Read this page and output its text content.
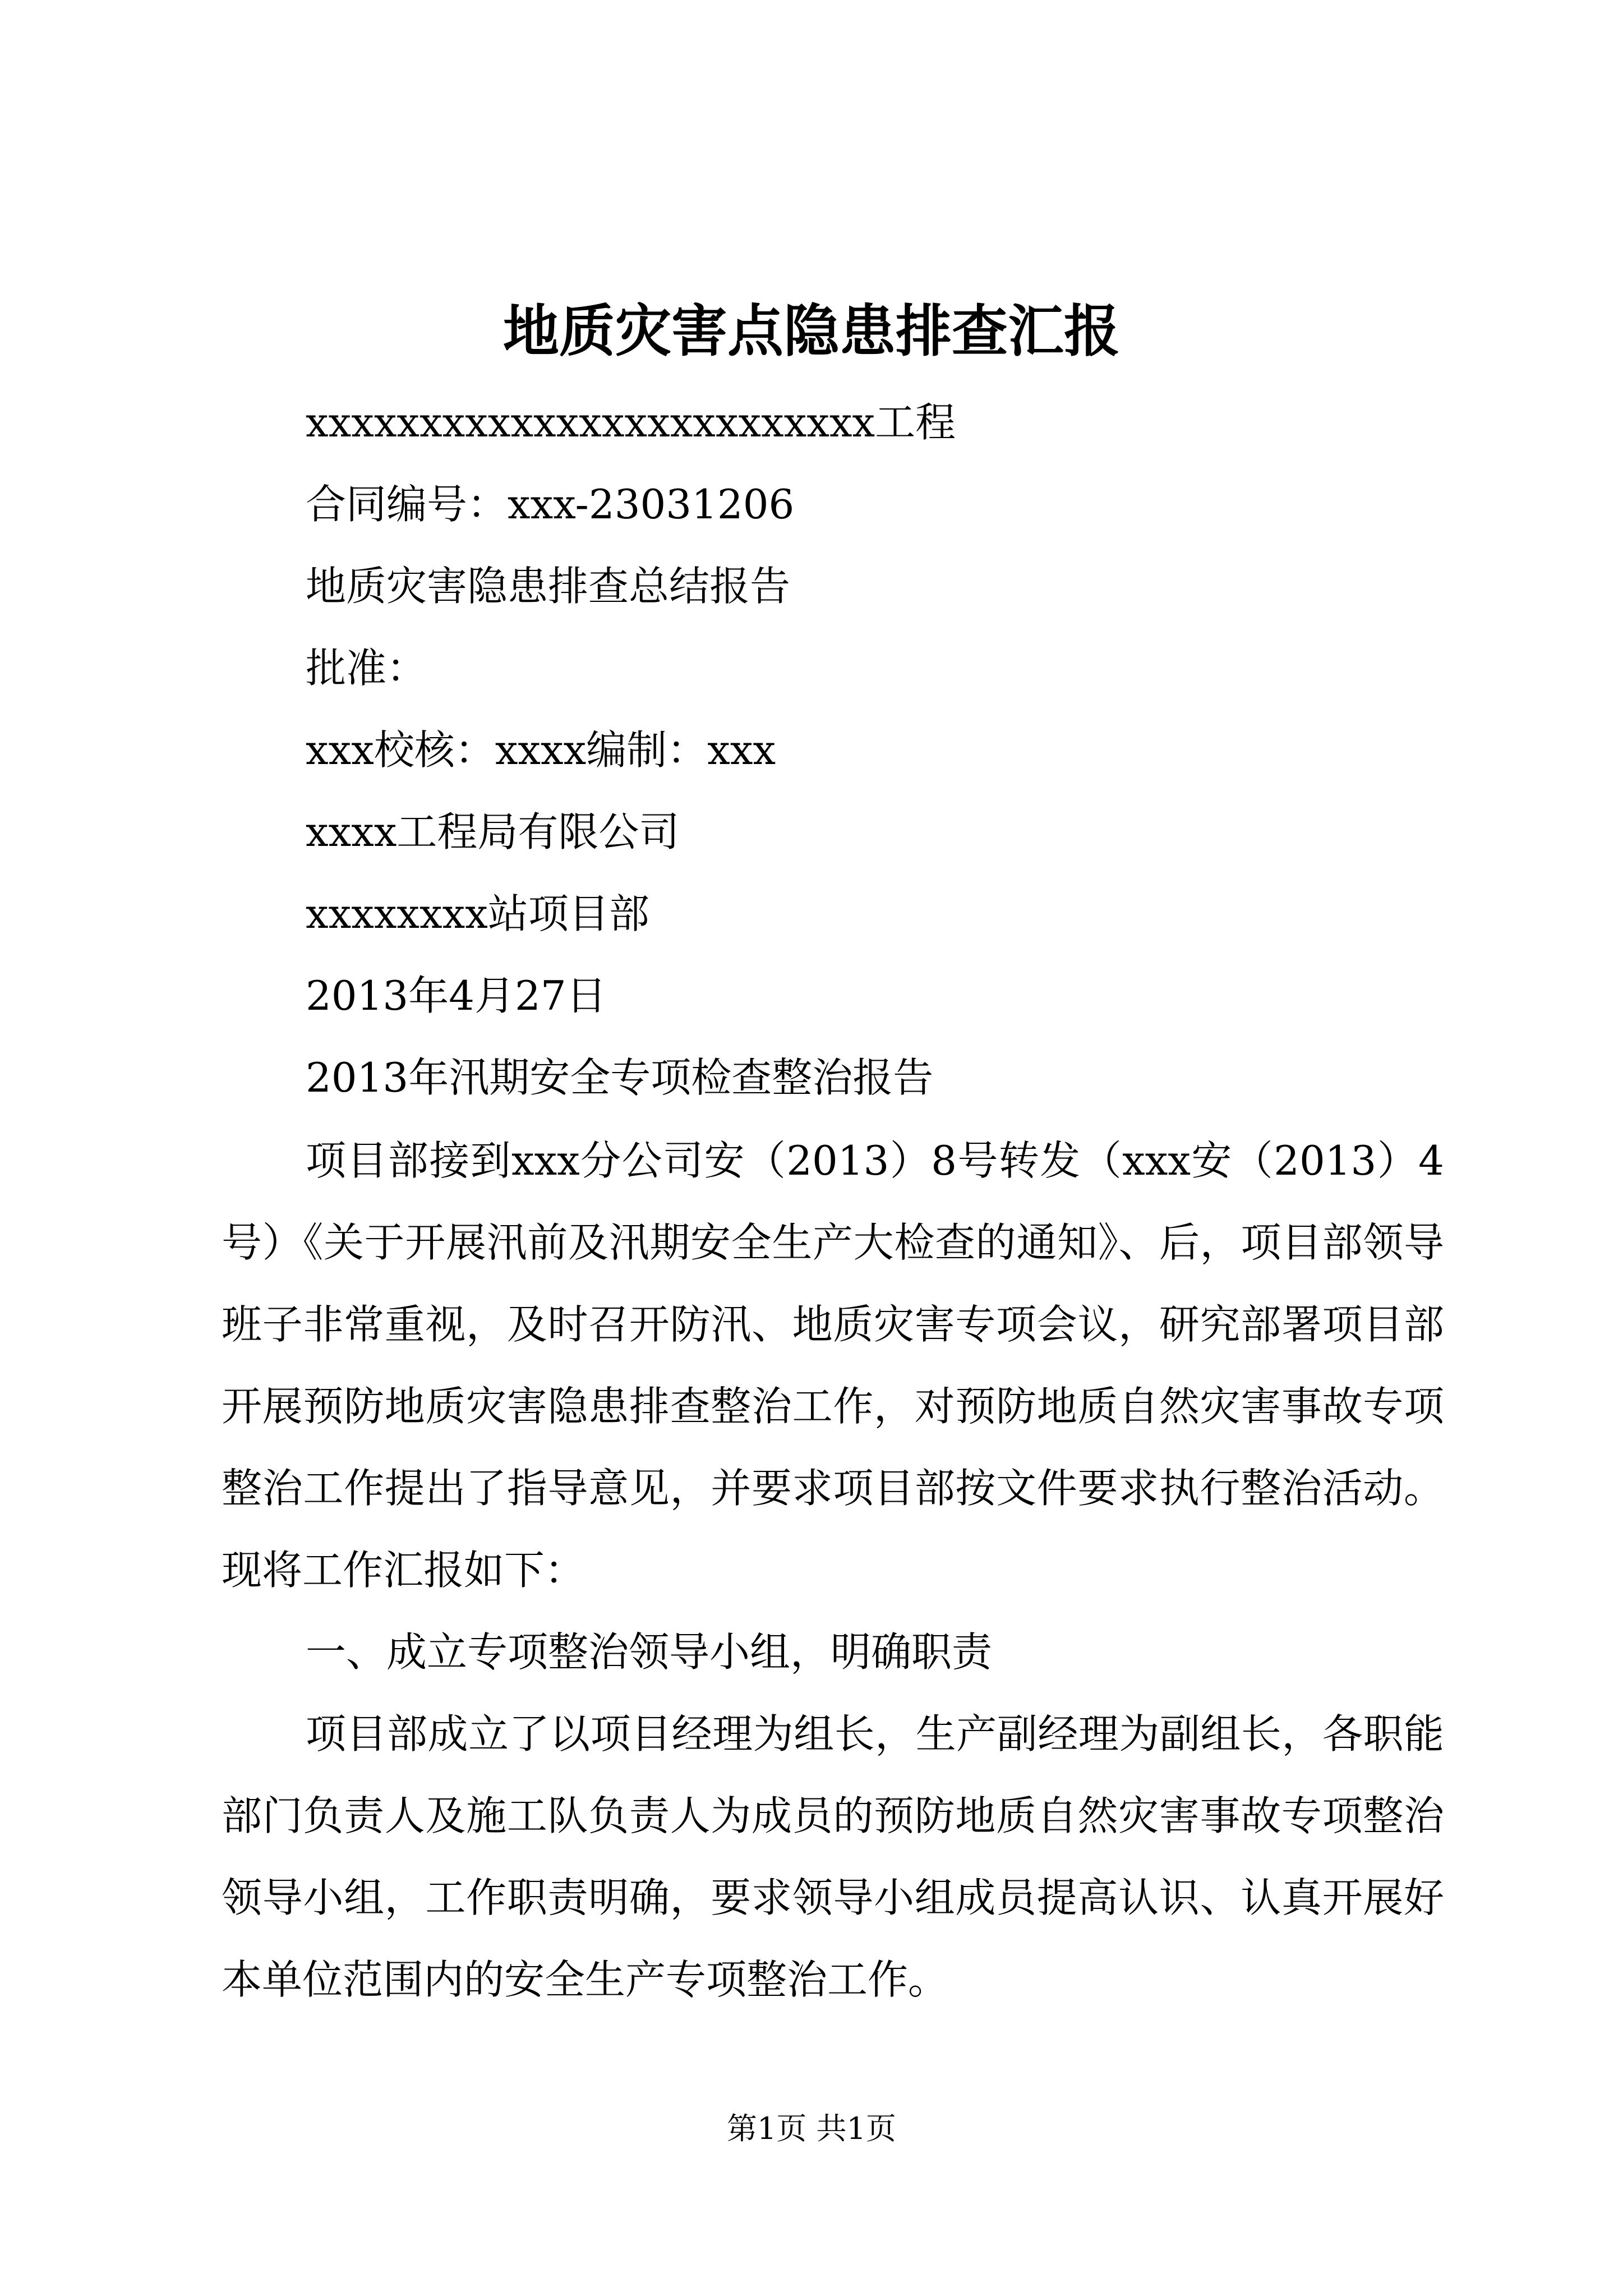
地质灾害点隐患排查汇报
xxxxxxxxxxxxxxxxxxxxxxxxx工程
合同编号：xxx-23031206
地质灾害隐患排查总结报告
批准：
xxx校核：xxxx编制：xxx
xxxx工程局有限公司
xxxxxxxx站项目部
2013年4月27日
2013年汛期安全专项检查整治报告

项目部接到xxx分公司安（2013）8号转发（xxx安（2013）4号）《关于开展汛前及汛期安全生产大检查的通知》、后，项目部领导班子非常重视，及时召开防汛、地质灾害专项会议，研究部署项目部开展预防地质灾害隐患排查整治工作，对预防地质自然灾害事故专项整治工作提出了指导意见，并要求项目部按文件要求执行整治活动。现将工作汇报如下：

一、成立专项整治领导小组，明确职责

项目部成立了以项目经理为组长，生产副经理为副组长，各职能部门负责人及施工队负责人为成员的预防地质自然灾害事故专项整治领导小组，工作职责明确，要求领导小组成员提高认识、认真开展好本单位范围内的安全生产专项整治工作。

第1页 共1页
